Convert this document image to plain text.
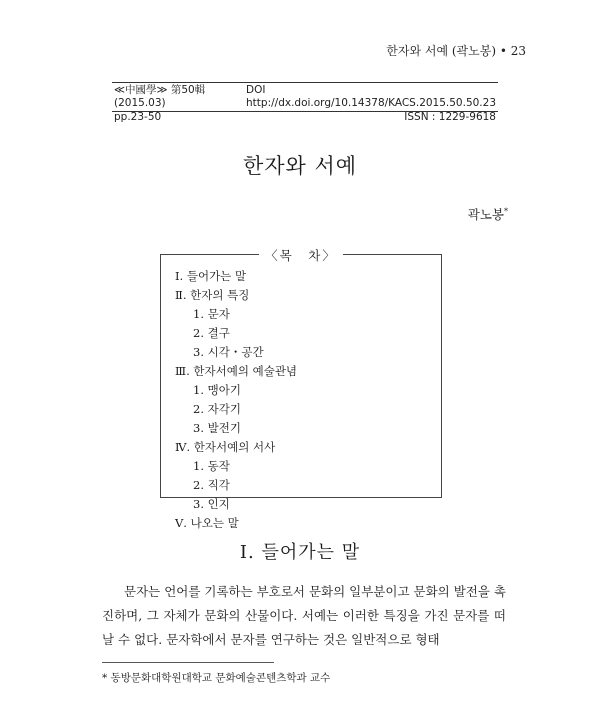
한자와 서예 (곽노봉) • 23
≪中國學≫ 第50輯 (2015.03)
DOI http://dx.doi.org/10.14378/KACS.2015.50.50.23
pp.23-50	ISSN : 1229-9618
한자와 서예
곽노봉*
〈목　차〉
Ⅰ. 들어가는 말
Ⅱ. 한자의 특징
1. 문자
2. 결구
3. 시각・공간
Ⅲ. 한자서예의 예술관념
1. 맹아기
2. 자각기
3. 발전기
Ⅳ. 한자서예의 서사
1. 동작
2. 직각
3. 인지
Ⅴ. 나오는 말
Ⅰ. 들어가는 말

문자는 언어를 기록하는 부호로서 문화의 일부분이고 문화의 발전을 촉진하며, 그 자체가 문화의 산물이다. 서예는 이러한 특징을 가진 문자를 떠날 수 없다. 문자학에서 문자를 연구하는 것은 일반적으로 형태

* 동방문화대학원대학교 문화예술콘텐츠학과 교수
